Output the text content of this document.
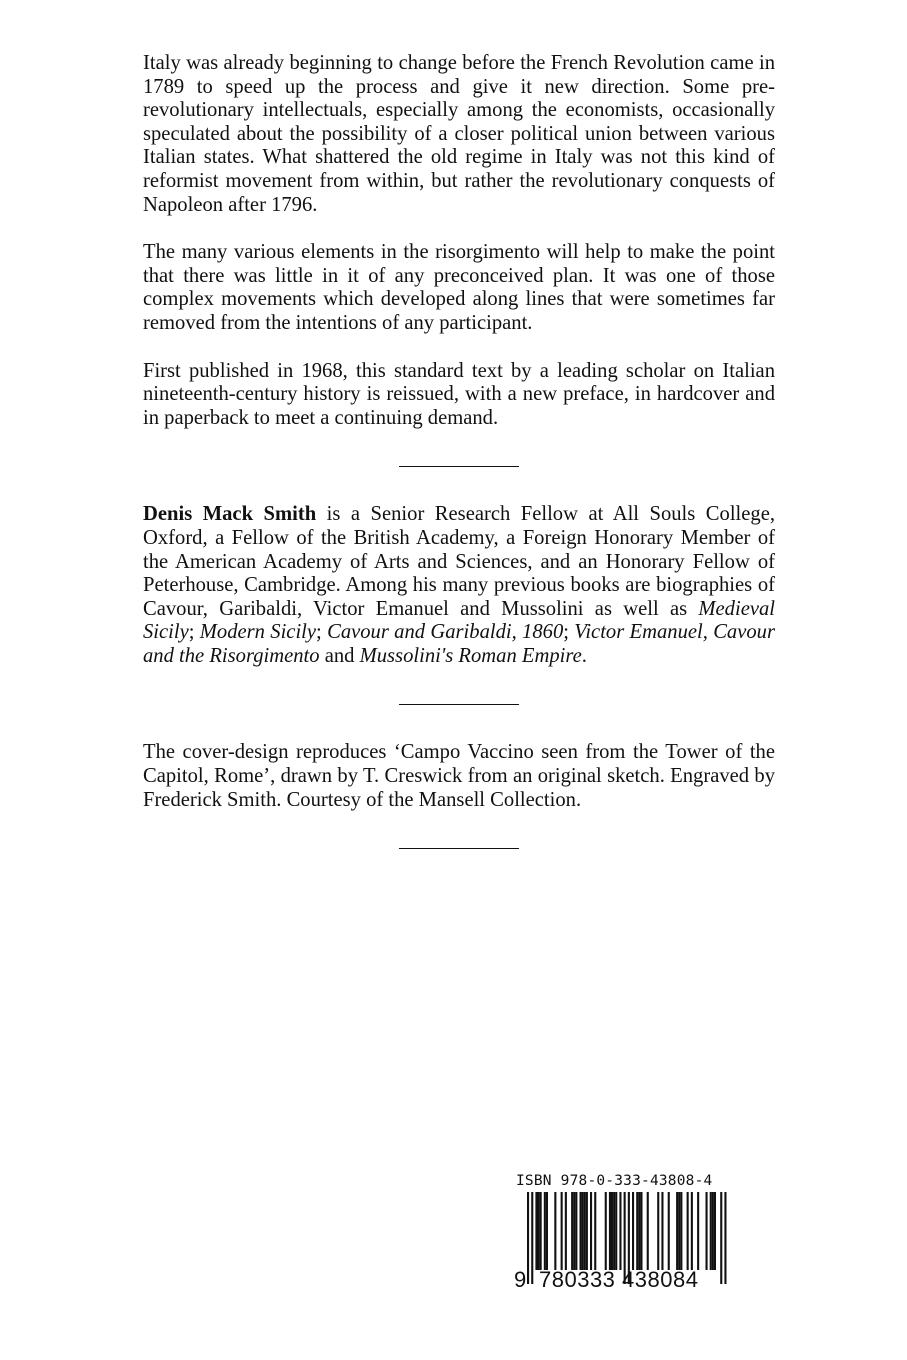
Italy was already beginning to change before the French Revolution came in 1789 to speed up the process and give it new direction. Some pre-revolutionary intellectuals, especially among the economists, occasionally speculated about the possibility of a closer political union between various Italian states. What shattered the old regime in Italy was not this kind of reformist movement from within, but rather the revolutionary conquests of Napoleon after 1796.

The many various elements in the risorgimento will help to make the point that there was little in it of any preconceived plan. It was one of those complex movements which developed along lines that were sometimes far removed from the intentions of any participant.

First published in 1968, this standard text by a leading scholar on Italian nineteenth-century history is reissued, with a new preface, in hardcover and in paperback to meet a continuing demand.

Denis Mack Smith is a Senior Research Fellow at All Souls College, Oxford, a Fellow of the British Academy, a Foreign Honorary Member of the American Academy of Arts and Sciences, and an Honorary Fellow of Peterhouse, Cambridge. Among his many previous books are biographies of Cavour, Garibaldi, Victor Emanuel and Mussolini as well as Medieval Sicily; Modern Sicily; Cavour and Garibaldi, 1860; Victor Emanuel, Cavour and the Risorgimento and Mussolini's Roman Empire.

The cover-design reproduces ‘Campo Vaccino seen from the Tower of the Capitol, Rome’, drawn by T. Creswick from an original sketch. Engraved by Frederick Smith. Courtesy of the Mansell Collection.

ISBN 978-0-333-43808-4
9 780333 438084
